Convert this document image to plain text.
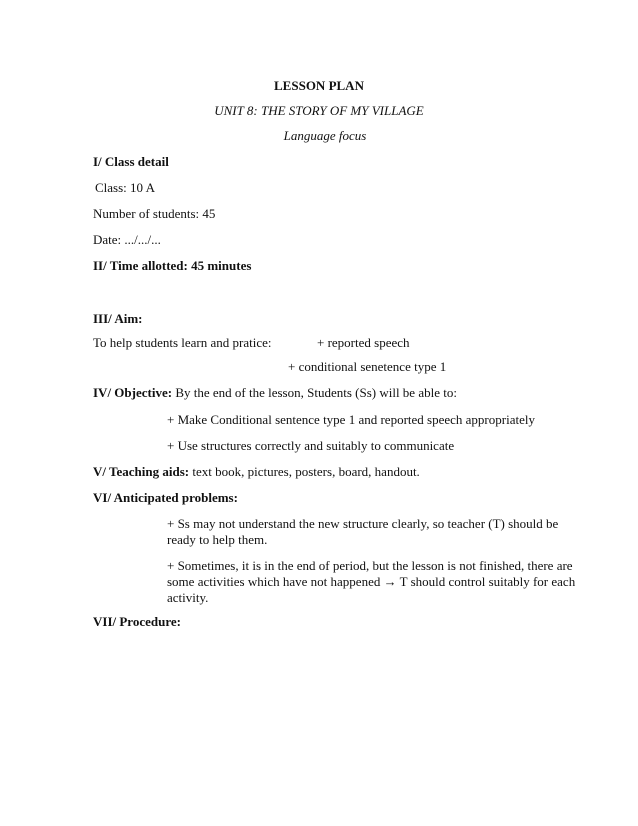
LESSON PLAN
UNIT 8: THE STORY OF MY VILLAGE
Language focus
I/ Class detail
Class: 10 A
Number of students: 45
Date: .../.../...
II/ Time allotted: 45 minutes
III/ Aim:
To help students learn and pratice:	+ reported speech
+ conditional senetence type 1
IV/ Objective: By the end of the lesson, Students (Ss) will be able to:
+ Make Conditional sentence type 1 and reported speech appropriately
+ Use structures correctly and suitably to communicate
V/ Teaching aids: text book, pictures, posters, board, handout.
VI/ Anticipated problems:
+ Ss may not understand the new structure clearly, so teacher (T) should be ready to help them.
+ Sometimes, it is in the end of period, but the lesson is not finished, there are some activities which have not happened → T should control suitably for each activity.
VII/ Procedure:
